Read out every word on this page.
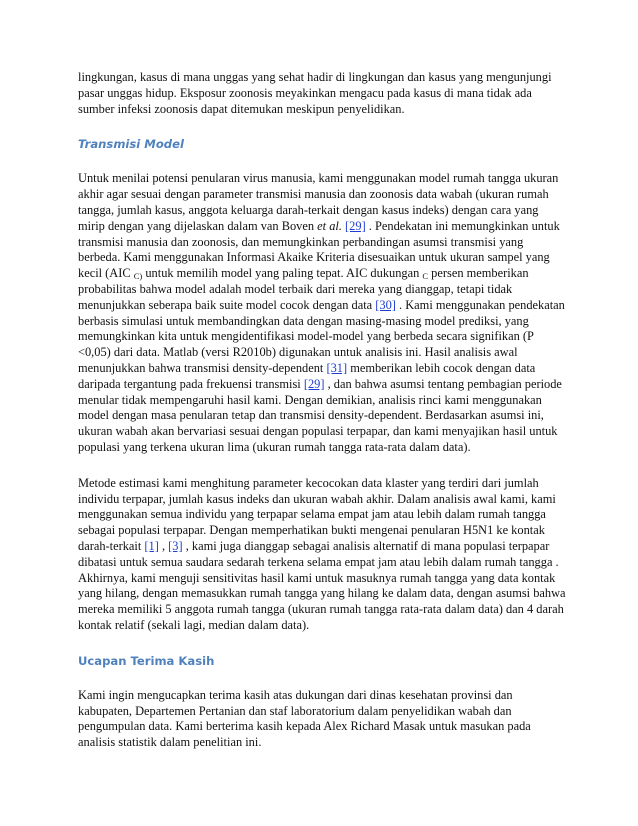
lingkungan, kasus di mana unggas yang sehat hadir di lingkungan dan kasus yang mengunjungi pasar unggas hidup. Eksposur zoonosis meyakinkan mengacu pada kasus di mana tidak ada sumber infeksi zoonosis dapat ditemukan meskipun penyelidikan.

Transmisi Model

Untuk menilai potensi penularan virus manusia, kami menggunakan model rumah tangga ukuran akhir agar sesuai dengan parameter transmisi manusia dan zoonosis data wabah (ukuran rumah tangga, jumlah kasus, anggota keluarga darah-terkait dengan kasus indeks) dengan cara yang mirip dengan yang dijelaskan dalam van Boven et al. [29] . Pendekatan ini memungkinkan untuk transmisi manusia dan zoonosis, dan memungkinkan perbandingan asumsi transmisi yang berbeda. Kami menggunakan Informasi Akaike Kriteria disesuaikan untuk ukuran sampel yang kecil (AIC $_{C)}$ untuk memilih model yang paling tepat. AIC dukungan $_C$ persen memberikan probabilitas bahwa model adalah model terbaik dari mereka yang dianggap, tetapi tidak menunjukkan seberapa baik suite model cocok dengan data [30] . Kami menggunakan pendekatan berbasis simulasi untuk membandingkan data dengan masing-masing model prediksi, yang memungkinkan kita untuk mengidentifikasi model-model yang berbeda secara signifikan (P <0,05) dari data. Matlab (versi R2010b) digunakan untuk analisis ini. Hasil analisis awal menunjukkan bahwa transmisi density-dependent [31] memberikan lebih cocok dengan data daripada tergantung pada frekuensi transmisi [29] , dan bahwa asumsi tentang pembagian periode menular tidak mempengaruhi hasil kami. Dengan demikian, analisis rinci kami menggunakan model dengan masa penularan tetap dan transmisi density-dependent. Berdasarkan asumsi ini, ukuran wabah akan bervariasi sesuai dengan populasi terpapar, dan kami menyajikan hasil untuk populasi yang terkena ukuran lima (ukuran rumah tangga rata-rata dalam data).

Metode estimasi kami menghitung parameter kecocokan data klaster yang terdiri dari jumlah individu terpapar, jumlah kasus indeks dan ukuran wabah akhir. Dalam analisis awal kami, kami menggunakan semua individu yang terpapar selama empat jam atau lebih dalam rumah tangga sebagai populasi terpapar. Dengan memperhatikan bukti mengenai penularan H5N1 ke kontak darah-terkait [1] , [3] , kami juga dianggap sebagai analisis alternatif di mana populasi terpapar dibatasi untuk semua saudara sedarah terkena selama empat jam atau lebih dalam rumah tangga . Akhirnya, kami menguji sensitivitas hasil kami untuk masuknya rumah tangga yang data kontak yang hilang, dengan memasukkan rumah tangga yang hilang ke dalam data, dengan asumsi bahwa mereka memiliki 5 anggota rumah tangga (ukuran rumah tangga rata-rata dalam data) dan 4 darah kontak relatif (sekali lagi, median dalam data).

Ucapan Terima Kasih

Kami ingin mengucapkan terima kasih atas dukungan dari dinas kesehatan provinsi dan kabupaten, Departemen Pertanian dan staf laboratorium dalam penyelidikan wabah dan pengumpulan data. Kami berterima kasih kepada Alex Richard Masak untuk masukan pada analisis statistik dalam penelitian ini.
